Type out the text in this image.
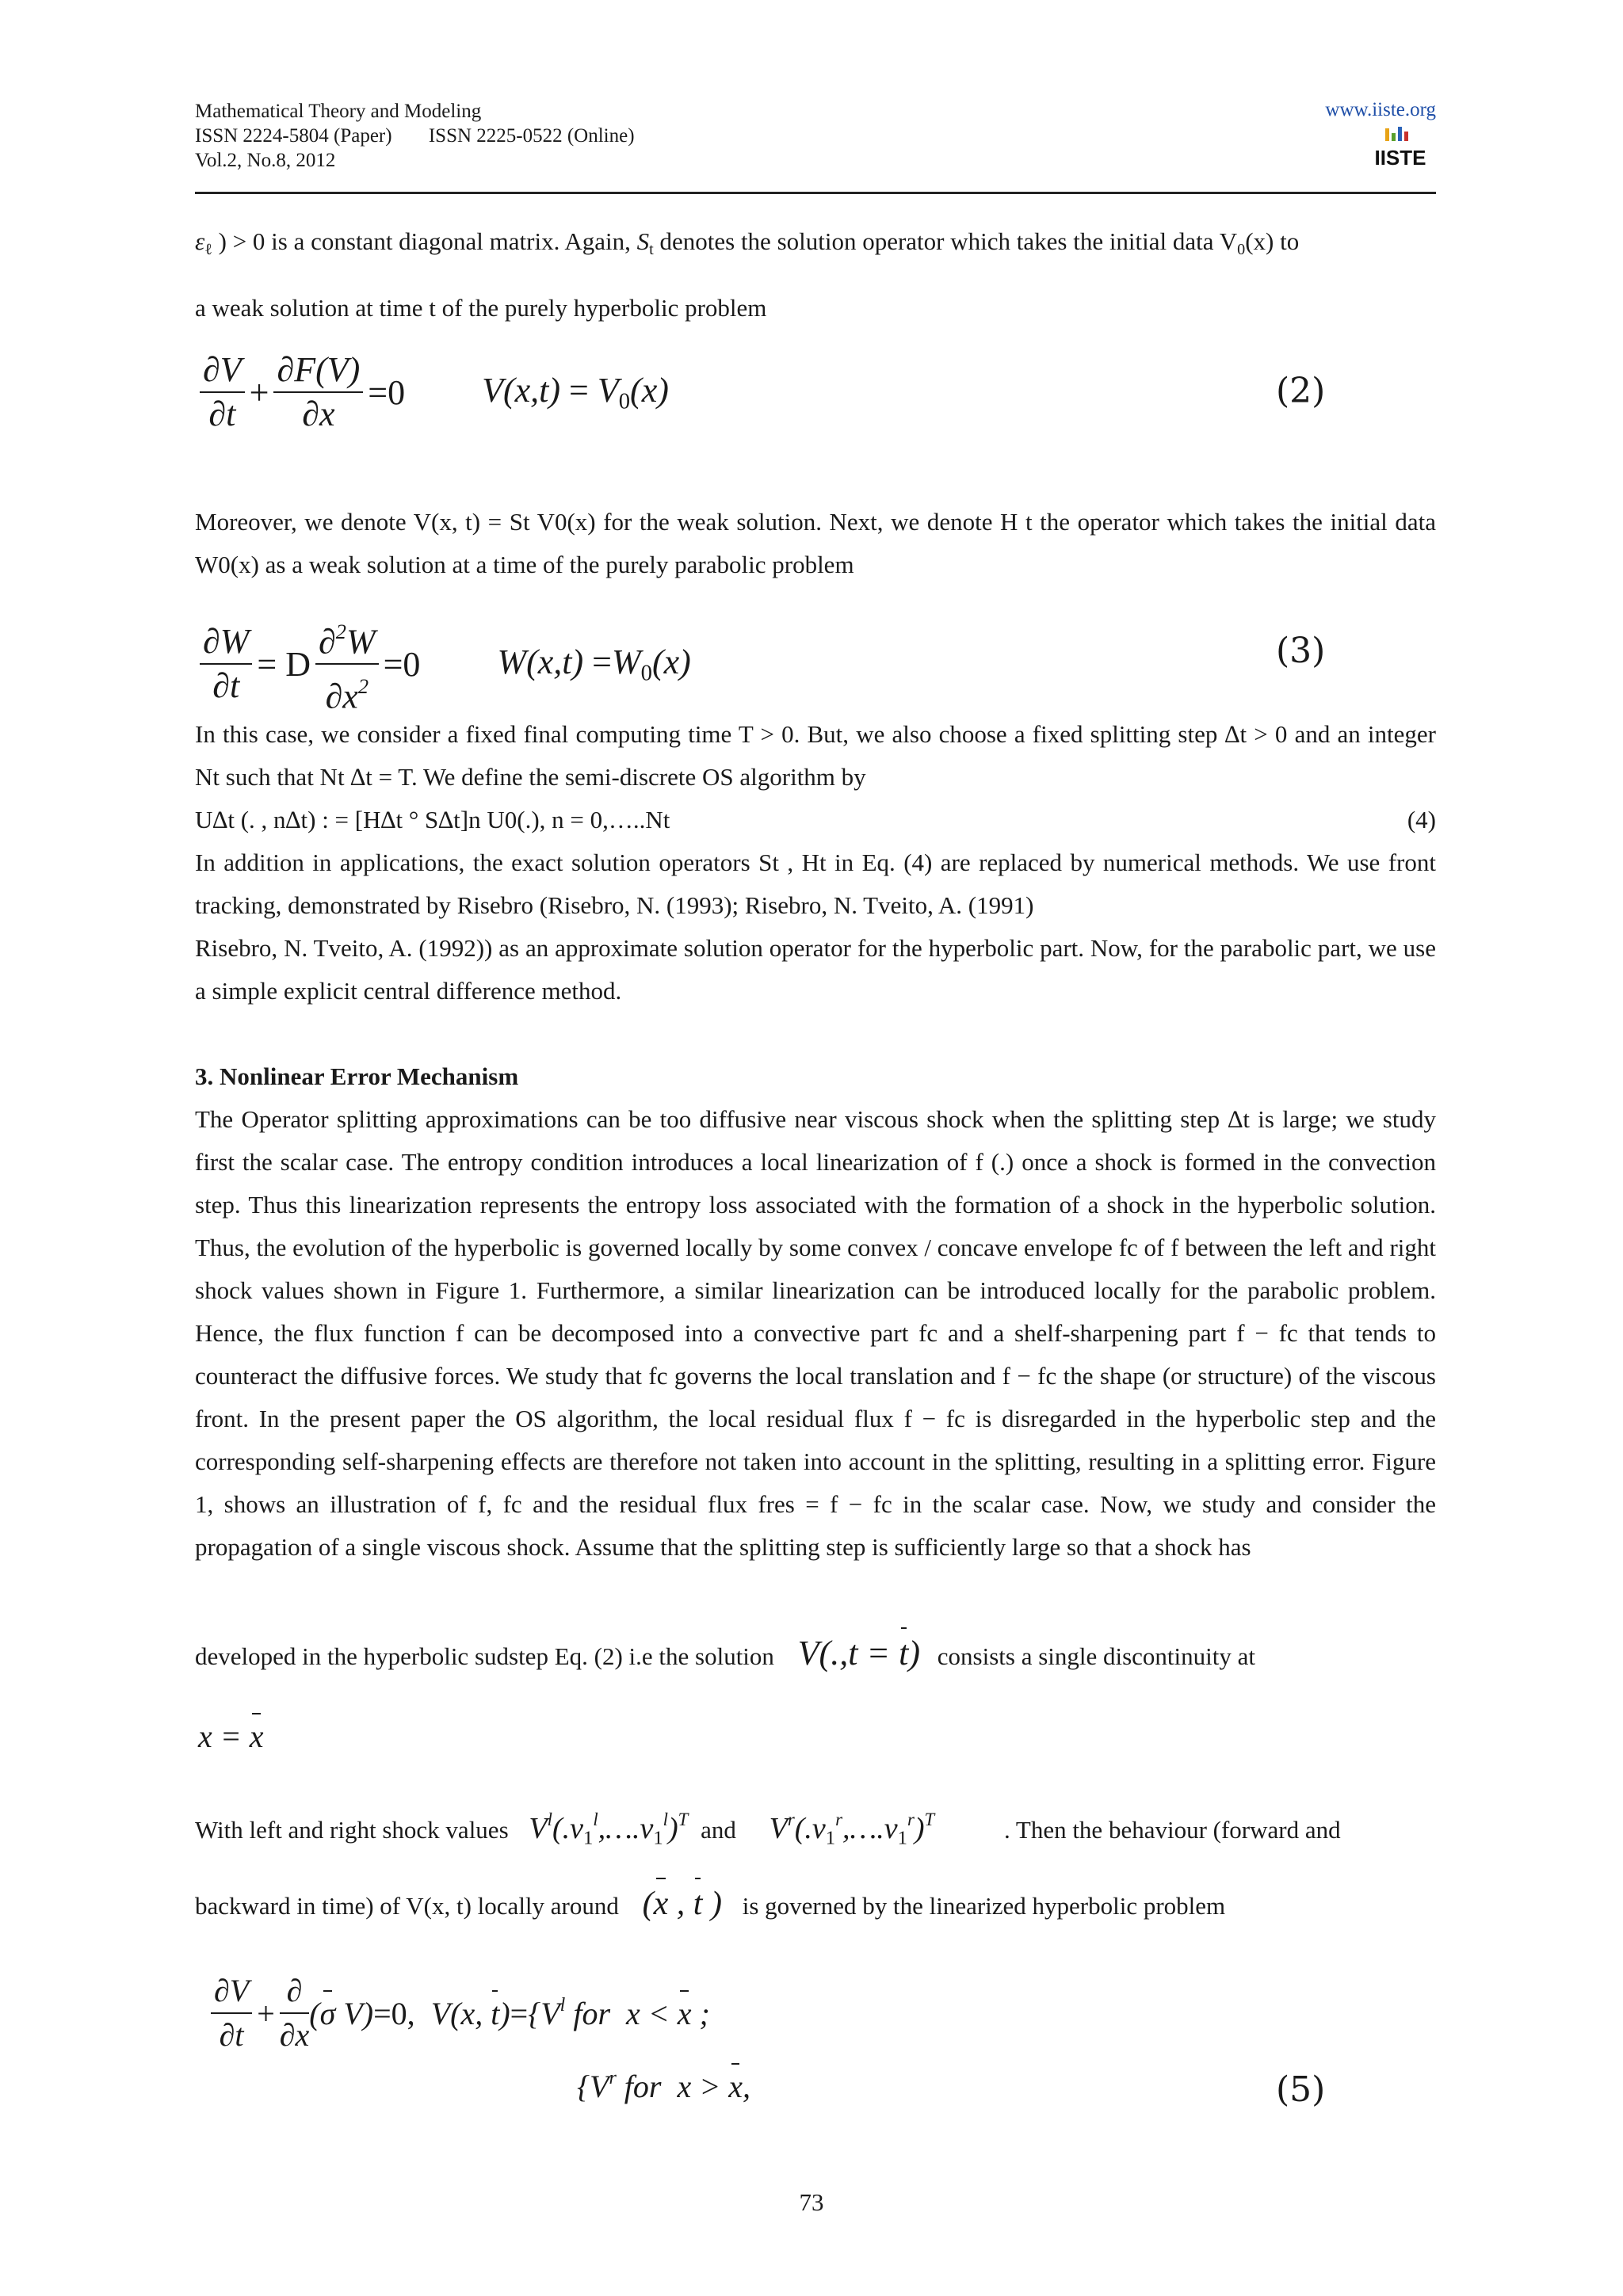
Mathematical Theory and Modeling
ISSN 2224-5804 (Paper) ISSN 2225-0522 (Online)
Vol.2, No.8, 2012
www.iiste.org
IISTE

$\varepsilon_\ell$ ) > 0 is a constant diagonal matrix. Again, $S_t$ denotes the solution operator which takes the initial data $V_0(x)$ to

a weak solution at time t of the purely hyperbolic problem

$\frac{\partial V}{\partial t} + \frac{\partial F(V)}{\partial x} =0$ $V(x,t) = V_0(x)$	(2)

Moreover, we denote V(x, t) = St V0(x) for the weak solution. Next, we denote H t the operator which takes the initial data W0(x) as a weak solution at a time of the purely parabolic problem

$\frac{\partial W}{\partial t} = D \frac{\partial^2W}{\partial x^2} =0$ $W(x,t) =W_0(x)$	(3)

In this case, we consider a fixed final computing time T > 0. But, we also choose a fixed splitting step ∆t > 0 and an integer Nt such that Nt ∆t = T. We define the semi-discrete OS algorithm by

U∆t (. , n∆t) : = [H∆t ° S∆t]n U0(.), n = 0,…..Nt	(4)

In addition in applications, the exact solution operators St , Ht in Eq. (4) are replaced by numerical methods. We use front tracking, demonstrated by Risebro (Risebro, N. (1993); Risebro, N. Tveito, A. (1991)

Risebro, N. Tveito, A. (1992)) as an approximate solution operator for the hyperbolic part. Now, for the parabolic part, we use a simple explicit central difference method.

3. Nonlinear Error Mechanism

The Operator splitting approximations can be too diffusive near viscous shock when the splitting step ∆t is large; we study first the scalar case. The entropy condition introduces a local linearization of f (.) once a shock is formed in the convection step. Thus this linearization represents the entropy loss associated with the formation of a shock in the hyperbolic solution. Thus, the evolution of the hyperbolic is governed locally by some convex / concave envelope fc of f between the left and right shock values shown in Figure 1. Furthermore, a similar linearization can be introduced locally for the parabolic problem. Hence, the flux function f can be decomposed into a convective part fc and a shelf-sharpening part f − fc that tends to counteract the diffusive forces. We study that fc governs the local translation and f − fc the shape (or structure) of the viscous front. In the present paper the OS algorithm, the local residual flux f − fc is disregarded in the hyperbolic step and the corresponding self-sharpening effects are therefore not taken into account in the splitting, resulting in a splitting error. Figure 1, shows an illustration of f, fc and the residual flux fres = f − fc in the scalar case. Now, we study and consider the propagation of a single viscous shock. Assume that the splitting step is sufficiently large so that a shock has

developed in the hyperbolic sudstep Eq. (2) i.e the solution V(.,t = t) consists a single discontinuity at
x = x
With left and right shock values $V^l(.v_1^l,\dots.v_1^l)^T$ and $V^r(.v_1^r,\dots.v_1^r)^T$	. Then the behaviour (forward and
backward in time) of V(x, t) locally around (x , t ) is governed by the linearized hyperbolic problem
$\frac{\partial V}{\partial t} + \frac{\partial}{\partial x} (\sigma$ V)=0,  V(x, $t)=\{V^l$ for  x < x ;
{$V^r$ for  x > x,	(5)
73
